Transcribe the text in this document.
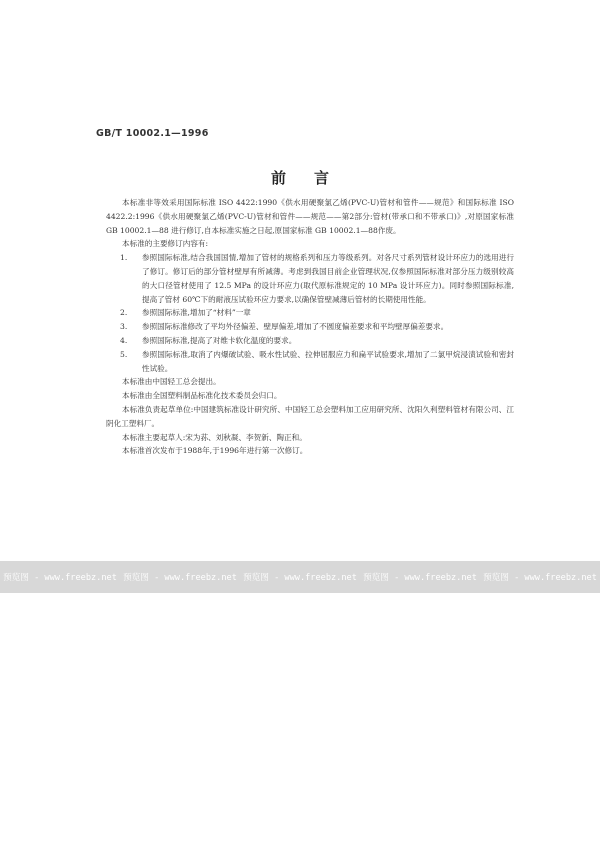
GB/T 10002.1—1996
前言

本标准非等效采用国际标准 ISO 4422:1990《供水用硬聚氯乙烯(PVC-U)管材和管件——规范》和国际标准 ISO 4422.2:1996《供水用硬聚氯乙烯(PVC-U)管材和管件——规范——第2部分:管材(带承口和不带承口)》,对原国家标准 GB 10002.1—88 进行修订,自本标准实施之日起,原国家标准 GB 10002.1—88作废。

本标准的主要修订内容有:

1.	参照国际标准,结合我国国情,增加了管材的规格系列和压力等级系列。对各尺寸系列管材设计环应力的选用进行了修订。修订后的部分管材壁厚有所减薄。考虑到我国目前企业管理状况,仅参照国际标准对部分压力级别较高的大口径管材使用了 12.5 MPa 的设计环应力(取代原标准规定的 10 MPa 设计环应力)。同时参照国际标准,提高了管材 60℃下的耐液压试验环应力要求,以确保管壁减薄后管材的长期使用性能。
2.	参照国际标准,增加了“材料”一章
3.	参照国际标准修改了平均外径偏差、壁厚偏差,增加了不圆度偏差要求和平均壁厚偏差要求。
4.	参照国际标准,提高了对维卡软化温度的要求。
5.	参照国际标准,取消了内爆破试验、吸水性试验、拉伸屈服应力和扁平试验要求,增加了二氯甲烷浸渍试验和密封性试验。

本标准由中国轻工总会提出。

本标准由全国塑料制品标准化技术委员会归口。

本标准负责起草单位:中国建筑标准设计研究所、中国轻工总会塑料加工应用研究所、沈阳久利塑料管材有限公司、江阴化工塑料厂。

本标准主要起草人:宋为荪、刘秋凝、李贺新、陶正和。

本标准首次发布于1988年,于1996年进行第一次修订。

预览图 - www.freebz.net 预览图 - www.freebz.net 预览图 - www.freebz.net 预览图 - www.freebz.net 预览图 - www.freebz.net
